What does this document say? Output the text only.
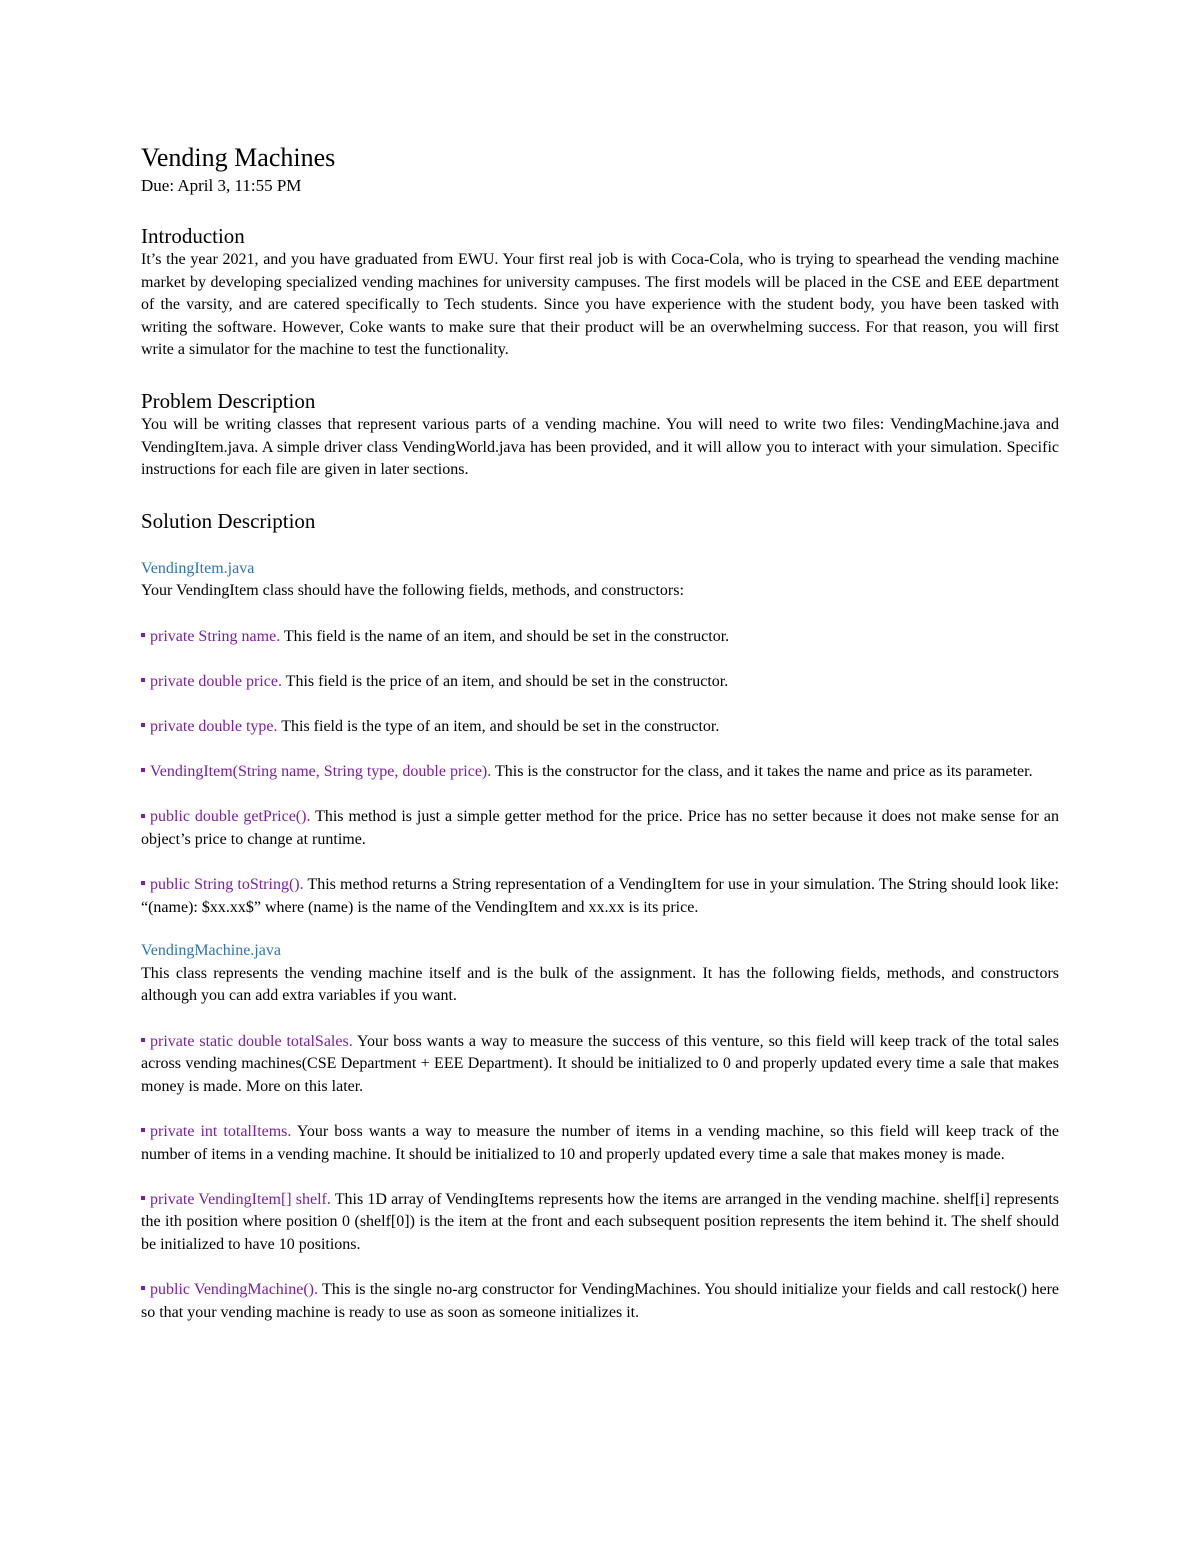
Vending Machines

Due: April 3, 11:55 PM

Introduction

It’s the year 2021, and you have graduated from EWU. Your first real job is with Coca-Cola, who is trying to spearhead the vending machine market by developing specialized vending machines for university campuses. The first models will be placed in the CSE and EEE department of the varsity, and are catered specifically to Tech students. Since you have experience with the student body, you have been tasked with writing the software. However, Coke wants to make sure that their product will be an overwhelming success. For that reason, you will first write a simulator for the machine to test the functionality.

Problem Description

You will be writing classes that represent various parts of a vending machine. You will need to write two files: VendingMachine.java and VendingItem.java. A simple driver class VendingWorld.java has been provided, and it will allow you to interact with your simulation. Specific instructions for each file are given in later sections.

Solution Description
VendingItem.java

Your VendingItem class should have the following fields, methods, and constructors:

private String name. This field is the name of an item, and should be set in the constructor.

private double price. This field is the price of an item, and should be set in the constructor.

private double type. This field is the type of an item, and should be set in the constructor.

VendingItem(String name, String type, double price). This is the constructor for the class, and it takes the name and price as its parameter.

public double getPrice(). This method is just a simple getter method for the price. Price has no setter because it does not make sense for an object’s price to change at runtime.

public String toString(). This method returns a String representation of a VendingItem for use in your simulation. The String should look like: “(name): $xx.xx$” where (name) is the name of the VendingItem and xx.xx is its price.

VendingMachine.java

This class represents the vending machine itself and is the bulk of the assignment. It has the following fields, methods, and constructors although you can add extra variables if you want.

private static double totalSales. Your boss wants a way to measure the success of this venture, so this field will keep track of the total sales across vending machines(CSE Department + EEE Department). It should be initialized to 0 and properly updated every time a sale that makes money is made. More on this later.

private int totalItems. Your boss wants a way to measure the number of items in a vending machine, so this field will keep track of the number of items in a vending machine. It should be initialized to 10 and properly updated every time a sale that makes money is made.

private VendingItem[] shelf. This 1D array of VendingItems represents how the items are arranged in the vending machine. shelf[i] represents the ith position where position 0 (shelf[0]) is the item at the front and each subsequent position represents the item behind it. The shelf should be initialized to have 10 positions.

public VendingMachine(). This is the single no-arg constructor for VendingMachines. You should initialize your fields and call restock() here so that your vending machine is ready to use as soon as someone initializes it.
